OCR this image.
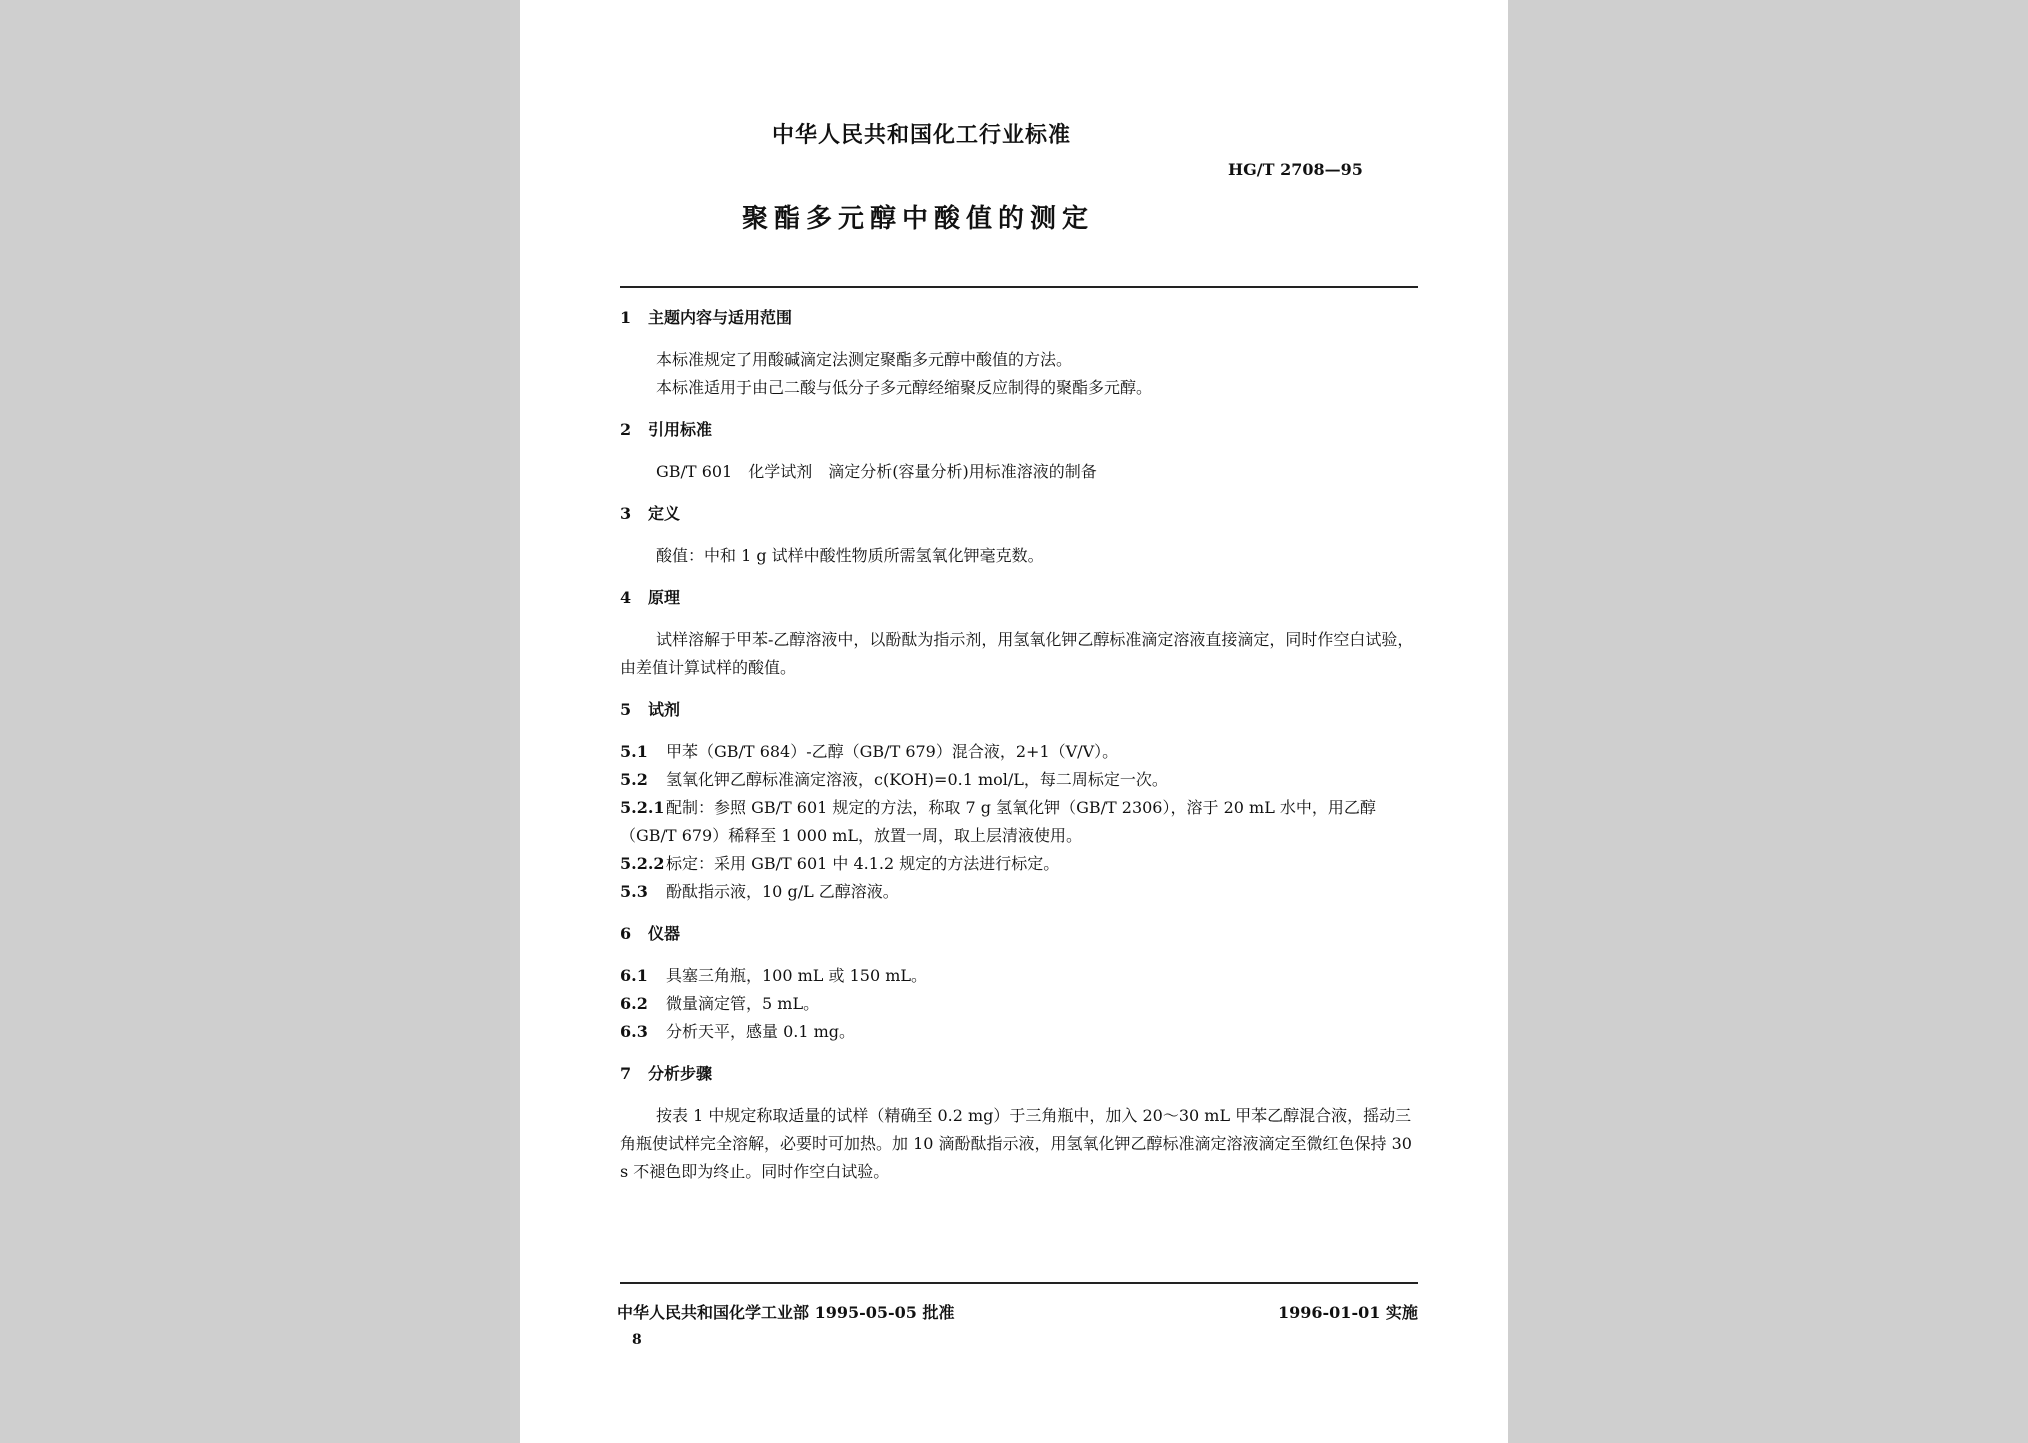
中华人民共和国化工行业标准
HG/T 2708—95
聚酯多元醇中酸值的测定
1 主题内容与适用范围
本标准规定了用酸碱滴定法测定聚酯多元醇中酸值的方法。
本标准适用于由己二酸与低分子多元醇经缩聚反应制得的聚酯多元醇。
2 引用标准
GB/T 601　化学试剂　滴定分析(容量分析)用标准溶液的制备
3 定义
酸值：中和 1 g 试样中酸性物质所需氢氧化钾毫克数。
4 原理
试样溶解于甲苯-乙醇溶液中，以酚酞为指示剂，用氢氧化钾乙醇标准滴定溶液直接滴定，同时作空白试验，由差值计算试样的酸值。
5 试剂
5.1 甲苯（GB/T 684）-乙醇（GB/T 679）混合液，2+1（V/V）。
5.2 氢氧化钾乙醇标准滴定溶液，c(KOH)=0.1 mol/L，每二周标定一次。
5.2.1配制：参照 GB/T 601 规定的方法，称取 7 g 氢氧化钾（GB/T 2306），溶于 20 mL 水中，用乙醇（GB/T 679）稀释至 1 000 mL，放置一周，取上层清液使用。
5.2.2标定：采用 GB/T 601 中 4.1.2 规定的方法进行标定。
5.3 酚酞指示液，10 g/L 乙醇溶液。
6 仪器
6.1 具塞三角瓶，100 mL 或 150 mL。
6.2 微量滴定管，5 mL。
6.3 分析天平，感量 0.1 mg。
7 分析步骤
按表 1 中规定称取适量的试样（精确至 0.2 mg）于三角瓶中，加入 20～30 mL 甲苯乙醇混合液，摇动三角瓶使试样完全溶解，必要时可加热。加 10 滴酚酞指示液，用氢氧化钾乙醇标准滴定溶液滴定至微红色保持 30 s 不褪色即为终止。同时作空白试验。
中华人民共和国化学工业部 1995-05-05 批准	1996-01-01 实施
8
